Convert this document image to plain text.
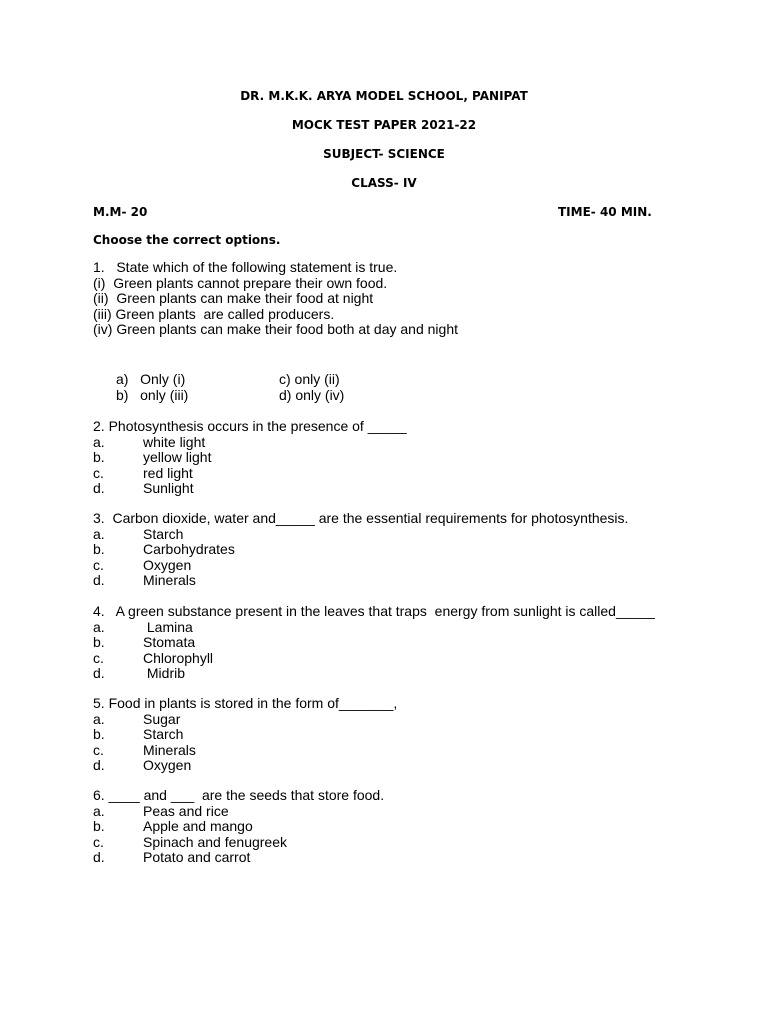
DR. M.K.K. ARYA MODEL SCHOOL, PANIPAT
MOCK TEST PAPER 2021-22
SUBJECT- SCIENCE
CLASS- IV
M.M- 20	TIME- 40 MIN.
Choose the correct options.
1.   State which of the following statement is true.
(i)  Green plants cannot prepare their own food.
(ii)  Green plants can make their food at night
(iii) Green plants  are called producers.
(iv) Green plants can make their food both at day and night
a)   Only (i)	c) only (ii)
b)   only (iii)	d) only (iv)
2. Photosynthesis occurs in the presence of _____
a.	white light
b.	yellow light
c.	red light
d.	Sunlight
3.  Carbon dioxide, water and_____ are the essential requirements for photosynthesis.
a.	Starch
b.	Carbohydrates
c.	Oxygen
d.	Minerals
4.   A green substance present in the leaves that traps  energy from sunlight is called_____
a.	Lamina
b.	Stomata
c.	Chlorophyll
d.	Midrib
5. Food in plants is stored in the form of_______,
a.	Sugar
b.	Starch
c.	Minerals
d.	Oxygen
6. ____ and ___  are the seeds that store food.
a.	Peas and rice
b.	Apple and mango
c.	Spinach and fenugreek
d.	Potato and carrot
